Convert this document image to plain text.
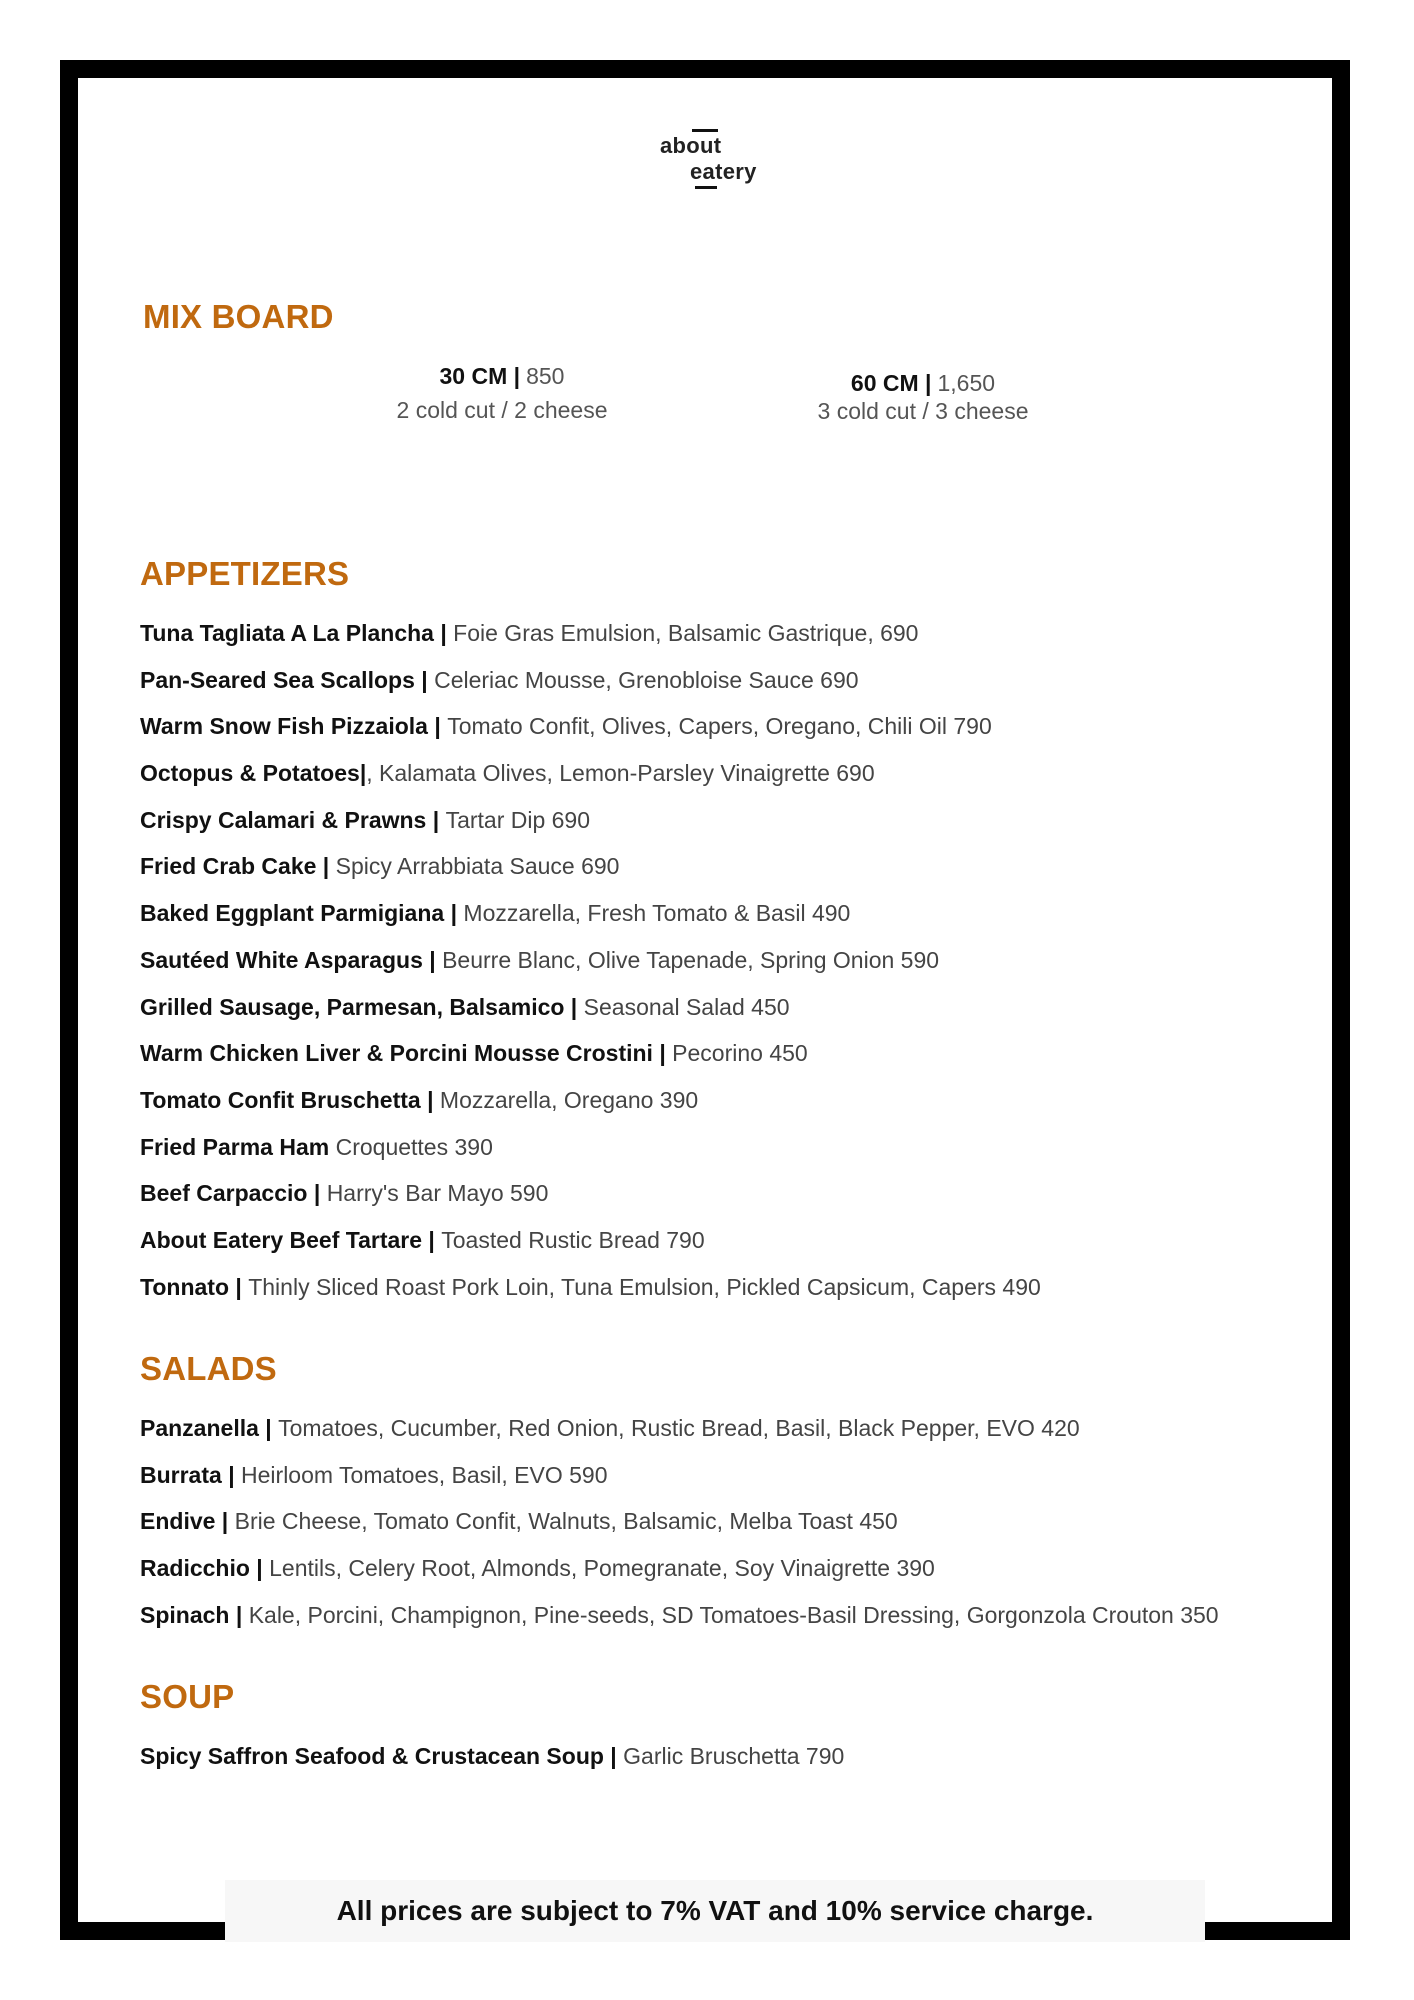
about
eatery
MIX BOARD
30 CM | 850
2 cold cut / 2 cheese
60 CM | 1,650
3 cold cut / 3 cheese
APPETIZERS
Tuna Tagliata A La Plancha | Foie Gras Emulsion, Balsamic Gastrique, 690
Pan-Seared Sea Scallops | Celeriac Mousse, Grenobloise Sauce 690
Warm Snow Fish Pizzaiola | Tomato Confit, Olives, Capers, Oregano, Chili Oil 790
Octopus & Potatoes|, Kalamata Olives, Lemon-Parsley Vinaigrette 690
Crispy Calamari & Prawns | Tartar Dip 690
Fried Crab Cake | Spicy Arrabbiata Sauce 690
Baked Eggplant Parmigiana | Mozzarella, Fresh Tomato & Basil 490
Sautéed White Asparagus | Beurre Blanc, Olive Tapenade, Spring Onion 590
Grilled Sausage, Parmesan, Balsamico | Seasonal Salad 450
Warm Chicken Liver & Porcini Mousse Crostini | Pecorino 450
Tomato Confit Bruschetta | Mozzarella, Oregano 390
Fried Parma Ham Croquettes 390
Beef Carpaccio | Harry's Bar Mayo 590
About Eatery Beef Tartare | Toasted Rustic Bread 790
Tonnato | Thinly Sliced Roast Pork Loin, Tuna Emulsion, Pickled Capsicum, Capers 490
SALADS
Panzanella | Tomatoes, Cucumber, Red Onion, Rustic Bread, Basil, Black Pepper, EVO 420
Burrata | Heirloom Tomatoes, Basil, EVO 590
Endive | Brie Cheese, Tomato Confit, Walnuts, Balsamic, Melba Toast 450
Radicchio | Lentils, Celery Root, Almonds, Pomegranate, Soy Vinaigrette 390
Spinach | Kale, Porcini, Champignon, Pine-seeds, SD Tomatoes-Basil Dressing, Gorgonzola Crouton 350
SOUP
Spicy Saffron Seafood & Crustacean Soup | Garlic Bruschetta 790
All prices are subject to 7% VAT and 10% service charge.
